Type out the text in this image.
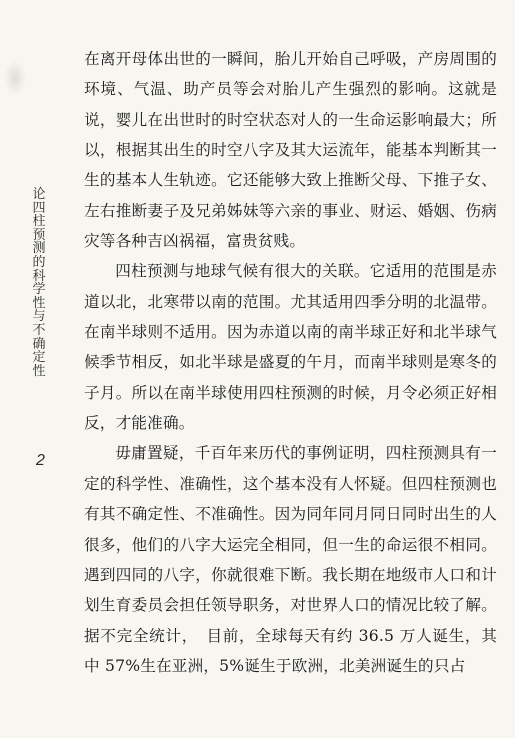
论四柱预测的科学性与不确定性
2

在离开母体出世的一瞬间，胎儿开始自己呼吸，产房周围的环境、气温、助产员等会对胎儿产生强烈的影响。这就是说，婴儿在出世时的时空状态对人的一生命运影响最大；所以，根据其出生的时空八字及其大运流年，能基本判断其一生的基本人生轨迹。它还能够大致上推断父母、下推子女、左右推断妻子及兄弟姊妹等六亲的事业、财运、婚姻、伤病灾等各种吉凶祸福，富贵贫贱。

四柱预测与地球气候有很大的关联。它适用的范围是赤道以北，北寒带以南的范围。尤其适用四季分明的北温带。在南半球则不适用。因为赤道以南的南半球正好和北半球气候季节相反，如北半球是盛夏的午月，而南半球则是寒冬的子月。所以在南半球使用四柱预测的时候，月令必须正好相反，才能准确。

毋庸置疑，千百年来历代的事例证明，四柱预测具有一定的科学性、准确性，这个基本没有人怀疑。但四柱预测也有其不确定性、不准确性。因为同年同月同日同时出生的人很多，他们的八字大运完全相同，但一生的命运很不相同。遇到四同的八字，你就很难下断。我长期在地级市人口和计划生育委员会担任领导职务，对世界人口的情况比较了解。据不完全统计，　目前，全球每天有约 36.5 万人诞生，其中 57%生在亚洲，5%诞生于欧洲，北美洲诞生的只占
